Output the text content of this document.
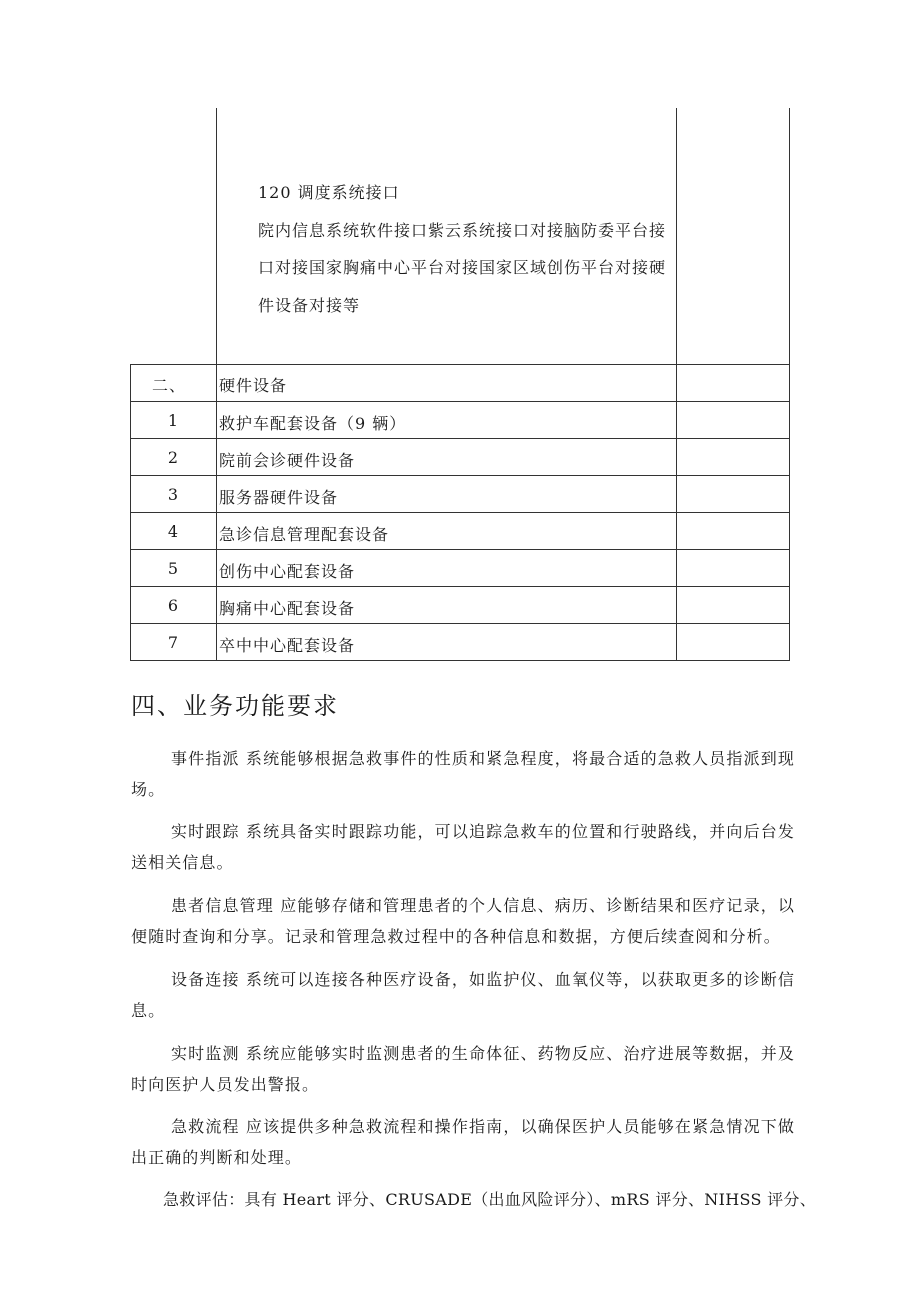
120 调度系统接口
院内信息系统软件接口紫云系统接口对接脑防委平台接
口对接国家胸痛中心平台对接国家区域创伤平台对接硬
件设备对接等
二、 硬件设备
1	救护车配套设备（9 辆）
2	院前会诊硬件设备
3	服务器硬件设备
4	急诊信息管理配套设备
5	创伤中心配套设备
6	胸痛中心配套设备
7	卒中中心配套设备
四、业务功能要求
事件指派 系统能够根据急救事件的性质和紧急程度，将最合适的急救人员指派到现场。
实时跟踪 系统具备实时跟踪功能，可以追踪急救车的位置和行驶路线，并向后台发送相关信息。
患者信息管理 应能够存储和管理患者的个人信息、病历、诊断结果和医疗记录，以便随时查询和分享。记录和管理急救过程中的各种信息和数据，方便后续查阅和分析。
设备连接 系统可以连接各种医疗设备，如监护仪、血氧仪等，以获取更多的诊断信息。
实时监测 系统应能够实时监测患者的生命体征、药物反应、治疗进展等数据，并及时向医护人员发出警报。
急救流程 应该提供多种急救流程和操作指南，以确保医护人员能够在紧急情况下做出正确的判断和处理。
急救评估：具有 Heart 评分、CRUSADE（出血风险评分）、mRS 评分、NIHSS 评分、
